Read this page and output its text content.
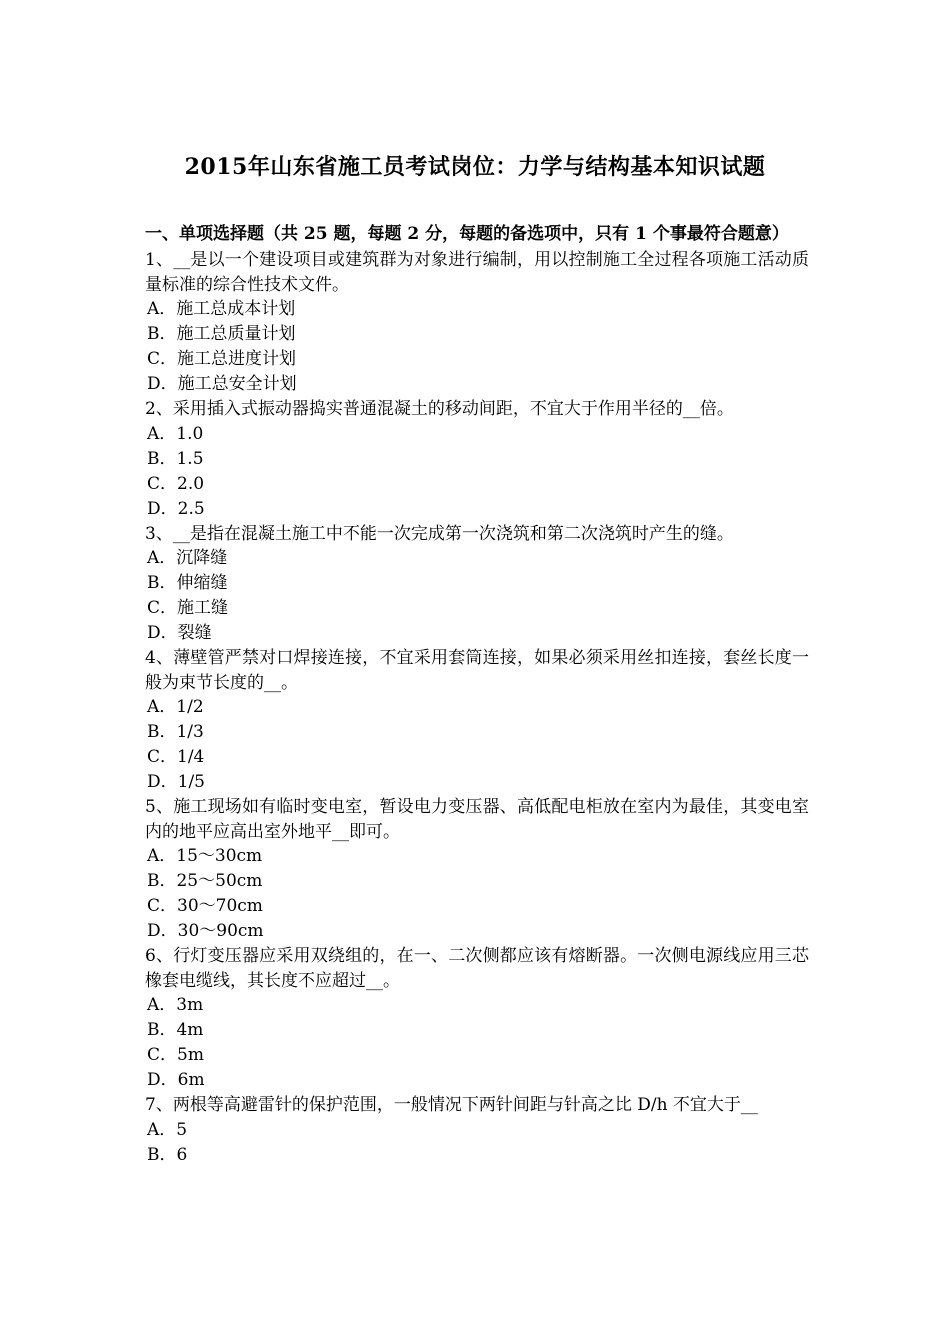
2015年山东省施工员考试岗位：力学与结构基本知识试题
一、单项选择题（共 25 题，每题 2 分，每题的备选项中，只有 1 个事最符合题意）
1、__是以一个建设项目或建筑群为对象进行编制，用以控制施工全过程各项施工活动质量标准的综合性技术文件。
A．施工总成本计划
B．施工总质量计划
C．施工总进度计划
D．施工总安全计划
2、采用插入式振动器捣实普通混凝土的移动间距，不宜大于作用半径的__倍。
A．1.0
B．1.5
C．2.0
D．2.5
3、__是指在混凝土施工中不能一次完成第一次浇筑和第二次浇筑时产生的缝。
A．沉降缝
B．伸缩缝
C．施工缝
D．裂缝
4、薄壁管严禁对口焊接连接，不宜采用套筒连接，如果必须采用丝扣连接，套丝长度一般为束节长度的__。
A．1/2
B．1/3
C．1/4
D．1/5
5、施工现场如有临时变电室，暂设电力变压器、高低配电柜放在室内为最佳，其变电室内的地平应高出室外地平__即可。
A．15～30cm
B．25～50cm
C．30～70cm
D．30～90cm
6、行灯变压器应采用双绕组的，在一、二次侧都应该有熔断器。一次侧电源线应用三芯橡套电缆线，其长度不应超过__。
A．3m
B．4m
C．5m
D．6m
7、两根等高避雷针的保护范围，一般情况下两针间距与针高之比 D/h 不宜大于__
A．5
B．6
